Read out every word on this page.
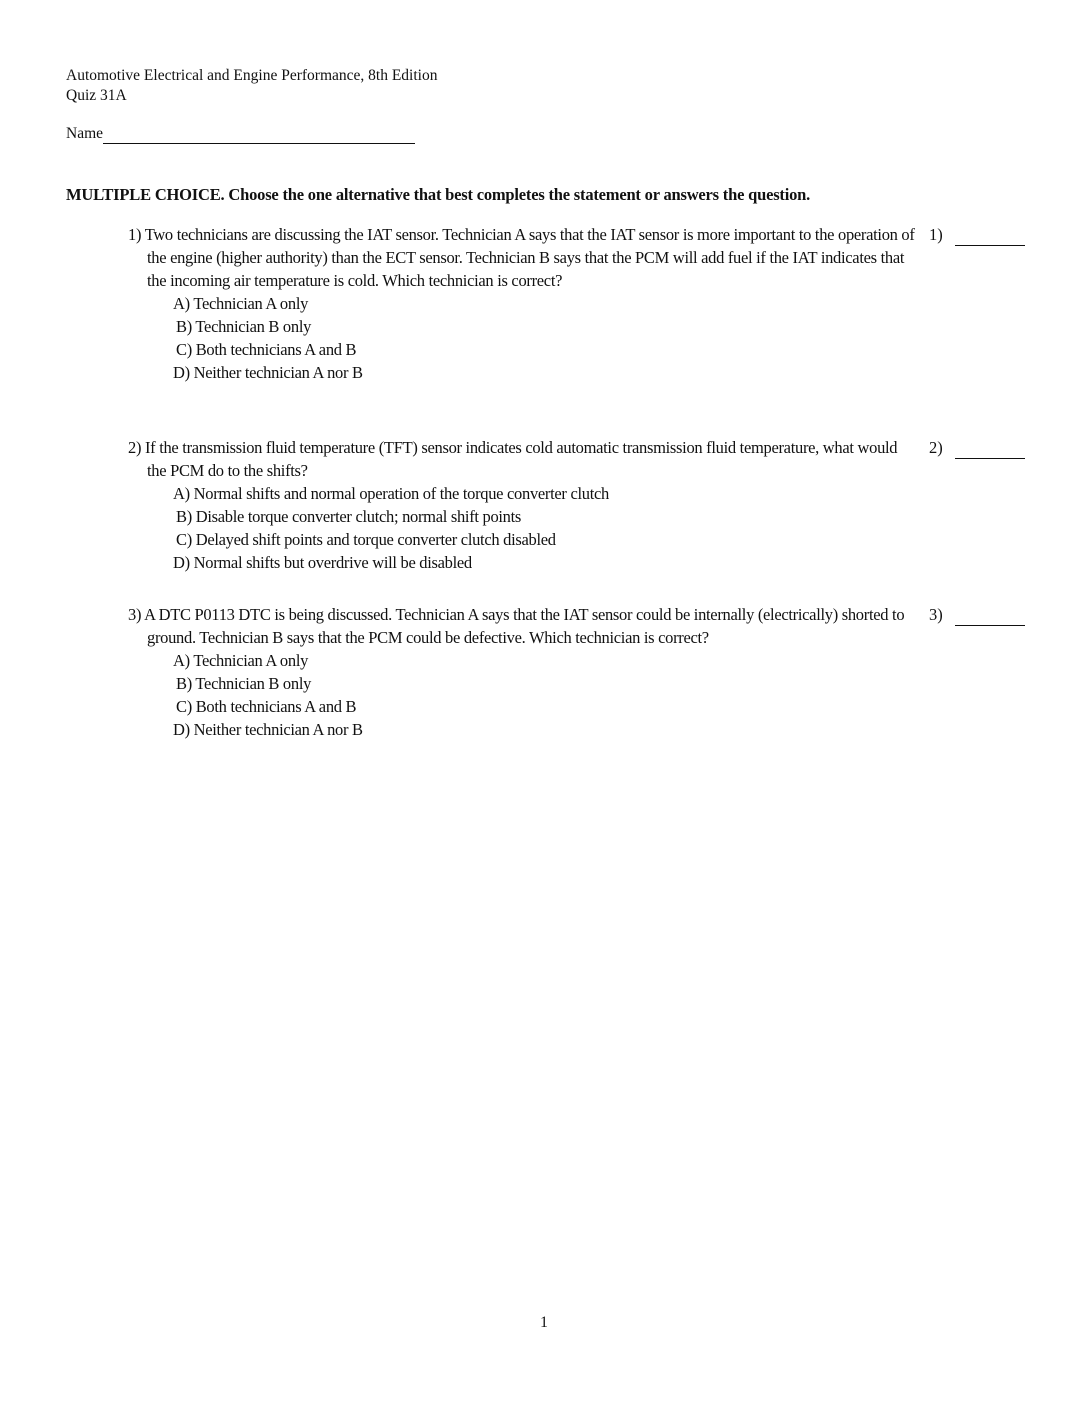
Automotive Electrical and Engine Performance, 8th Edition
Quiz 31A
Name
MULTIPLE CHOICE. Choose the one alternative that best completes the statement or answers the question.
1) Two technicians are discussing the IAT sensor. Technician A says that the IAT sensor is more important to the operation of the engine (higher authority) than the ECT sensor. Technician B says that the PCM will add fuel if the IAT indicates that the incoming air temperature is cold. Which technician is correct?
A) Technician A only
B) Technician B only
C) Both technicians A and B
D) Neither technician A nor B
1)
2) If the transmission fluid temperature (TFT) sensor indicates cold automatic transmission fluid temperature, what would the PCM do to the shifts?
A) Normal shifts and normal operation of the torque converter clutch
B) Disable torque converter clutch; normal shift points
C) Delayed shift points and torque converter clutch disabled
D) Normal shifts but overdrive will be disabled
2)
3) A DTC P0113 DTC is being discussed. Technician A says that the IAT sensor could be internally (electrically) shorted to ground. Technician B says that the PCM could be defective. Which technician is correct?
A) Technician A only
B) Technician B only
C) Both technicians A and B
D) Neither technician A nor B
3)
1
